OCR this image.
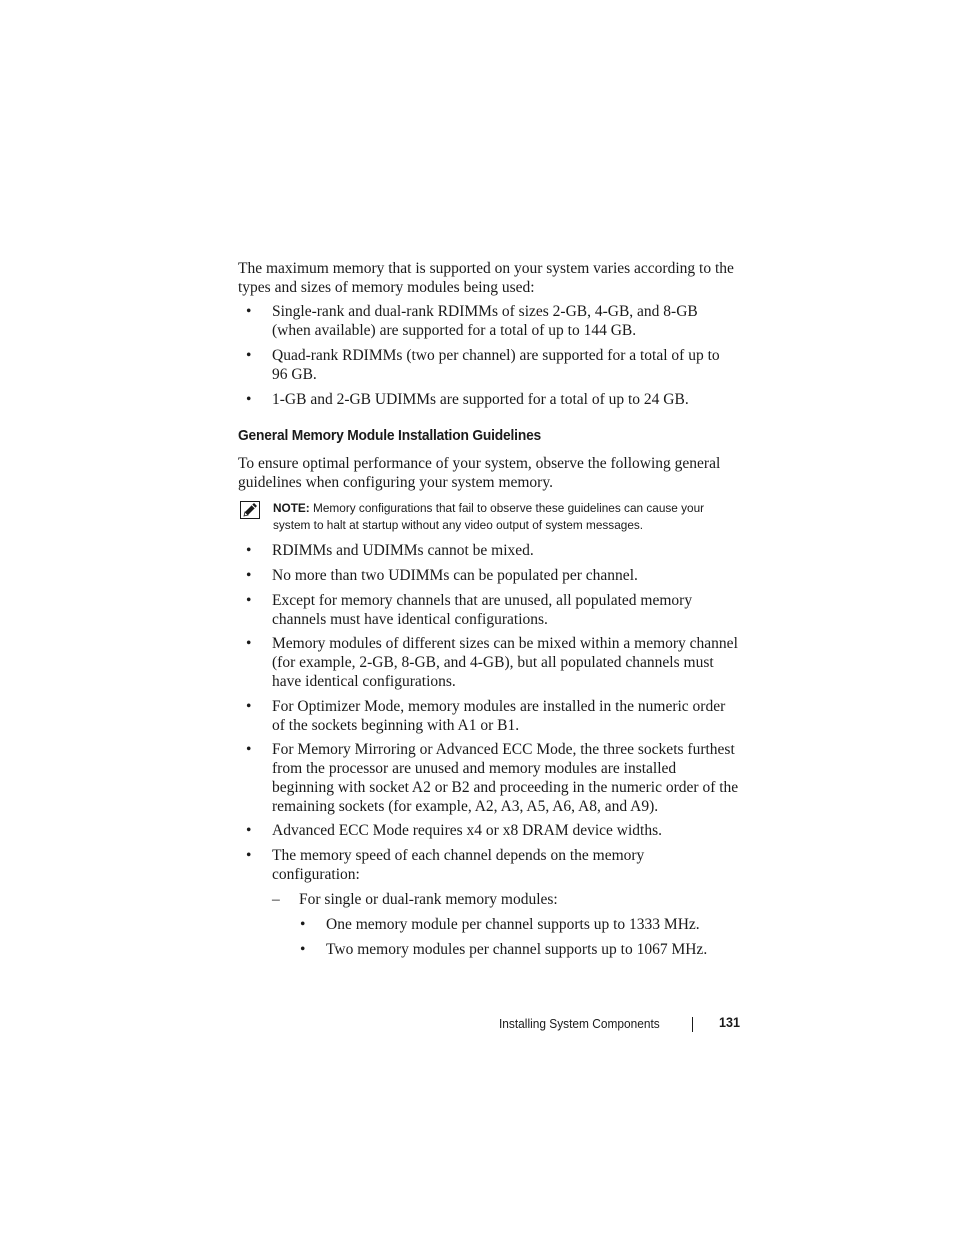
The maximum memory that is supported on your system varies according to the types and sizes of memory modules being used:
• Single-rank and dual-rank RDIMMs of sizes 2-GB, 4-GB, and 8-GB (when available) are supported for a total of up to 144 GB.
• Quad-rank RDIMMs (two per channel) are supported for a total of up to 96 GB.
• 1-GB and 2-GB UDIMMs are supported for a total of up to 24 GB.
General Memory Module Installation Guidelines
To ensure optimal performance of your system, observe the following general guidelines when configuring your system memory.
NOTE: Memory configurations that fail to observe these guidelines can cause your system to halt at startup without any video output of system messages.
• RDIMMs and UDIMMs cannot be mixed.
• No more than two UDIMMs can be populated per channel.
• Except for memory channels that are unused, all populated memory channels must have identical configurations.
• Memory modules of different sizes can be mixed within a memory channel (for example, 2-GB, 8-GB, and 4-GB), but all populated channels must have identical configurations.
• For Optimizer Mode, memory modules are installed in the numeric order of the sockets beginning with A1 or B1.
• For Memory Mirroring or Advanced ECC Mode, the three sockets furthest from the processor are unused and memory modules are installed beginning with socket A2 or B2 and proceeding in the numeric order of the remaining sockets (for example, A2, A3, A5, A6, A8, and A9).
• Advanced ECC Mode requires x4 or x8 DRAM device widths.
• The memory speed of each channel depends on the memory configuration:
– For single or dual-rank memory modules:
• One memory module per channel supports up to 1333 MHz.
• Two memory modules per channel supports up to 1067 MHz.
Installing System Components	131
